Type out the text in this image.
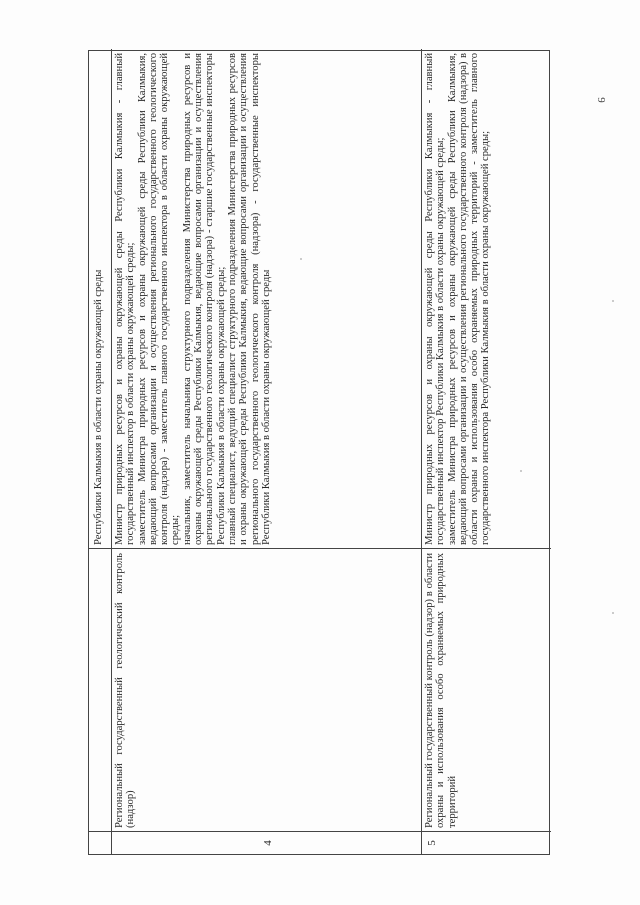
9
Республики Калмыкия в области охраны окружающей среды
4
Региональный государственный геологический контроль (надзор)
Министр природных ресурсов и охраны окружающей среды Республики Калмыкия - главный государственный инспектор в области охраны окружающей среды; заместитель Министра природных ресурсов и охраны окружающей среды Республики Калмыкия, ведающий вопросами организации и осуществления регионального государственного геологического контроля (надзора) - заместитель главного государственного инспектора в области охраны окружающей среды; начальник, заместитель начальника структурного подразделения Министерства природных ресурсов и охраны окружающей среды Республики Калмыкия, ведающие вопросами организации и осуществления регионального государственного геологического контроля (надзора) - старшие государственные инспекторы Республики Калмыкия в области охраны окружающей среды; главный специалист, ведущий специалист структурного подразделения Министерства природных ресурсов и охраны окружающей среды Республики Калмыкия, ведающие вопросами организации и осуществления регионального государственного геологического контроля (надзора) - государственные инспекторы Республики Калмыкия в области охраны окружающей среды
5
Региональный государственный контроль (надзор) в области охраны и использования особо охраняемых природных территорий
Министр природных ресурсов и охраны окружающей среды Республики Калмыкия - главный государственный инспектор Республики Калмыкия в области охраны окружающей среды; заместитель Министра природных ресурсов и охраны окружающей среды Республики Калмыкия, ведающий вопросами организации и осуществления регионального государственного контроля (надзора) в области охраны и использования особо охраняемых природных территорий - заместитель главного государственного инспектора Республики Калмыкия в области охраны окружающей среды;
